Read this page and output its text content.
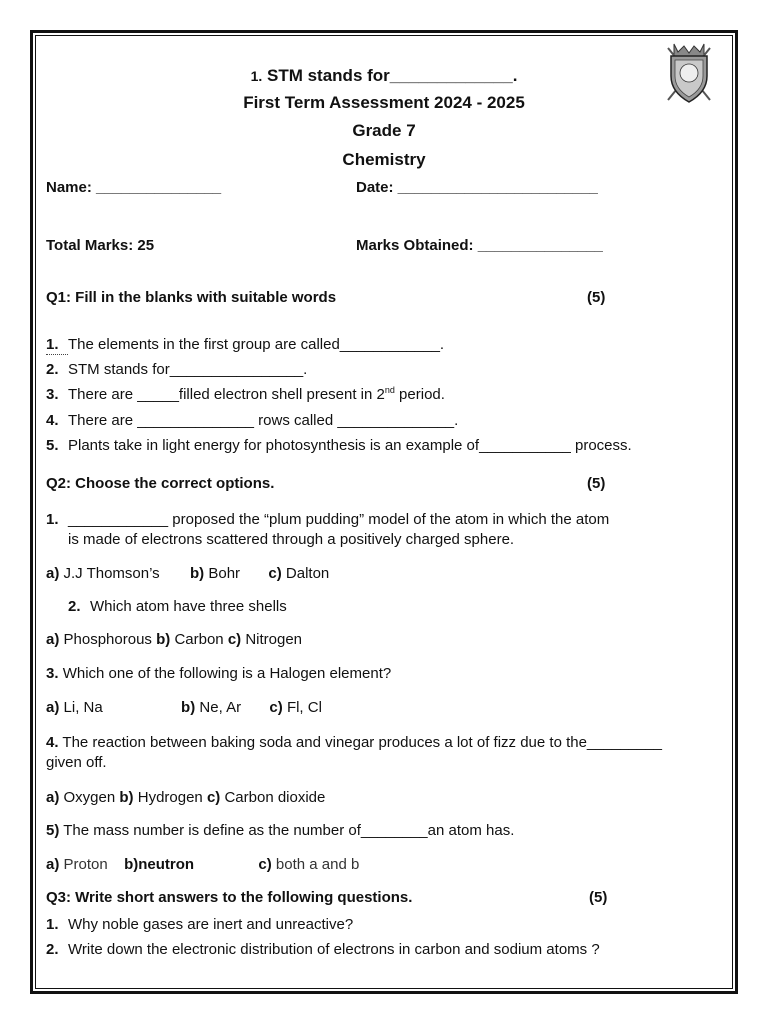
1. STM stands for_____________.
First Term Assessment 2024 - 2025
Grade 7
Chemistry
Name: _______________	Date: ________________________
Total Marks: 25	Marks Obtained: _______________
Q1: Fill in the blanks with suitable words	(5)
1. The elements in the first group are called____________.
2. STM stands for________________.
3. There are _____filled electron shell present in 2nd period.
4. There are ______________ rows called ______________.
5. Plants take in light energy for photosynthesis is an example of___________ process.
Q2: Choose the correct options.	(5)
1. ____________ proposed the “plum pudding” model of the atom in which the atom
is made of electrons scattered through a positively charged sphere.
a) J.J Thomson’s b) Bohr c) Dalton
2. Which atom have three shells
a) Phosphorous b) Carbon c) Nitrogen
3. Which one of the following is a Halogen element?
a) Li, Na	b) Ne, Ar c) Fl, Cl
4. The reaction between baking soda and vinegar produces a lot of fizz due to the_________
given off.
a) Oxygen b) Hydrogen c) Carbon dioxide
5) The mass number is define as the number of________an atom has.
a) Proton b)neutron	c) both a and b
Q3: Write short answers to the following questions.	(5)
1. Why noble gases are inert and unreactive?
2. Write down the electronic distribution of electrons in carbon and sodium atoms ?
